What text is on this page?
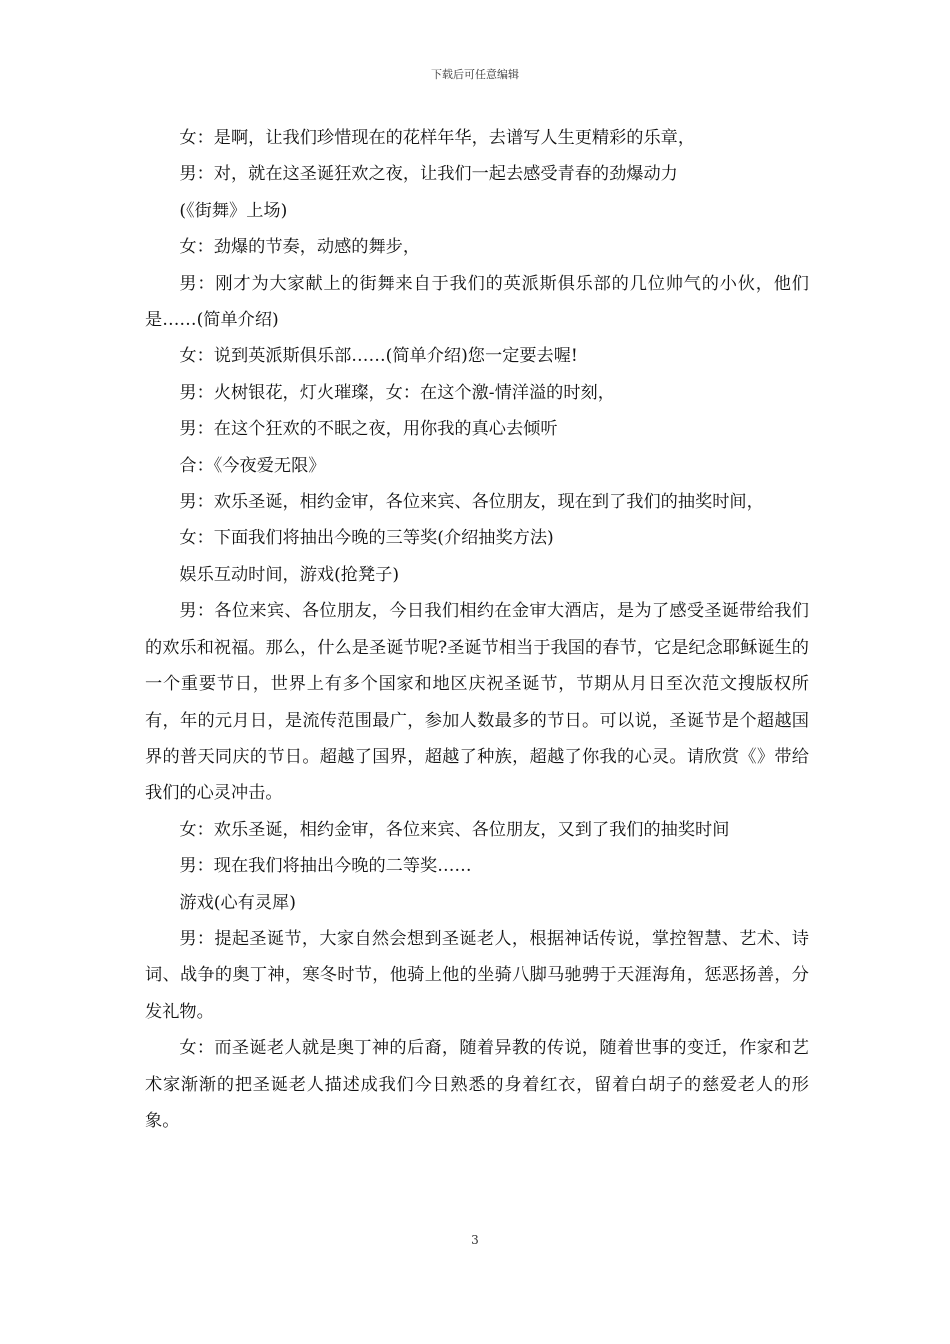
下载后可任意编辑

女：是啊，让我们珍惜现在的花样年华，去谱写人生更精彩的乐章，

男：对，就在这圣诞狂欢之夜，让我们一起去感受青春的劲爆动力

(《街舞》上场)

女：劲爆的节奏，动感的舞步，

男：刚才为大家献上的街舞来自于我们的英派斯俱乐部的几位帅气的小伙，他们是……(简单介绍)

女：说到英派斯俱乐部……(简单介绍)您一定要去喔!

男：火树银花，灯火璀璨，女：在这个激-情洋溢的时刻，

男：在这个狂欢的不眠之夜，用你我的真心去倾听

合：《今夜爱无限》

男：欢乐圣诞，相约金审，各位来宾、各位朋友，现在到了我们的抽奖时间，

女：下面我们将抽出今晚的三等奖(介绍抽奖方法)

娱乐互动时间，游戏(抢凳子)

男：各位来宾、各位朋友，今日我们相约在金审大酒店，是为了感受圣诞带给我们的欢乐和祝福。那么，什么是圣诞节呢?圣诞节相当于我国的春节，它是纪念耶稣诞生的一个重要节日，世界上有多个国家和地区庆祝圣诞节，节期从月日至次范文搜版权所有，年的元月日，是流传范围最广，参加人数最多的节日。可以说，圣诞节是个超越国界的普天同庆的节日。超越了国界，超越了种族，超越了你我的心灵。请欣赏《》带给我们的心灵冲击。

女：欢乐圣诞，相约金审，各位来宾、各位朋友，又到了我们的抽奖时间

男：现在我们将抽出今晚的二等奖……

游戏(心有灵犀)

男：提起圣诞节，大家自然会想到圣诞老人，根据神话传说，掌控智慧、艺术、诗词、战争的奥丁神，寒冬时节，他骑上他的坐骑八脚马驰骋于天涯海角，惩恶扬善，分发礼物。

女：而圣诞老人就是奥丁神的后裔，随着异教的传说，随着世事的变迁，作家和艺术家渐渐的把圣诞老人描述成我们今日熟悉的身着红衣，留着白胡子的慈爱老人的形象。

3
